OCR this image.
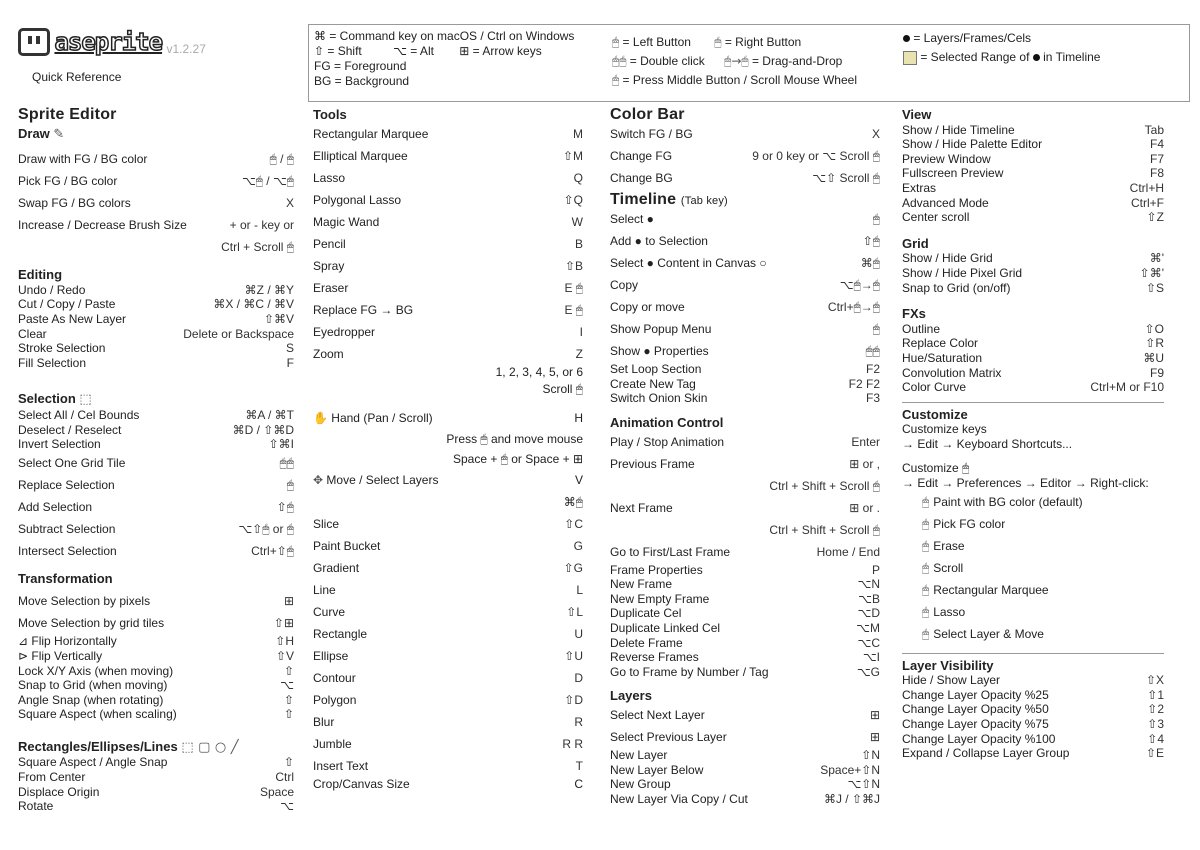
aseprite v1.2.27
Quick Reference
⌘ = Command key on macOS / Ctrl on Windows
⇧ = Shift	⌥ = Alt ⊞ = Arrow keys
FG = Foreground
BG = Background
🖱 = Left Button 🖱 = Right Button
🖱🖱 = Double click 🖱→🖱 = Drag-and-Drop
🖱 = Press Middle Button / Scroll Mouse Wheel
= Layers/Frames/Cels
= Selected Range of in Timeline
Sprite Editor
Draw ✎
Draw with FG / BG color	🖱 / 🖱
Pick FG / BG color	⌥🖱 / ⌥🖱
Swap FG / BG colors	X
Increase / Decrease Brush Size	+ or - key or
Ctrl + Scroll 🖱
Editing
Undo / Redo	⌘Z / ⌘Y
Cut / Copy / Paste	⌘X / ⌘C / ⌘V
Paste As New Layer	⇧⌘V
Clear	Delete or Backspace
Stroke Selection	S
Fill Selection	F
Selection ⬚
Select All / Cel Bounds	⌘A / ⌘T
Deselect / Reselect	⌘D / ⇧⌘D
Invert Selection	⇧⌘I
Select One Grid Tile	🖱🖱
Replace Selection	🖱
Add Selection	⇧🖱
Subtract Selection	⌥⇧🖱 or 🖱
Intersect Selection	Ctrl+⇧🖱
Transformation
Move Selection by pixels	⊞
Move Selection by grid tiles	⇧⊞
⊿ Flip Horizontally	⇧H
⊳ Flip Vertically	⇧V
Lock X/Y Axis (when moving)	⇧
Snap to Grid (when moving)	⌥
Angle Snap (when rotating)	⇧
Square Aspect (when scaling)	⇧
Rectangles/Ellipses/Lines ⬚ ▢ ○ ╱
Square Aspect / Angle Snap	⇧
From Center	Ctrl
Displace Origin	Space
Rotate	⌥
Tools
Rectangular Marquee	M
Elliptical Marquee	⇧M
Lasso	Q
Polygonal Lasso	⇧Q
Magic Wand	W
Pencil	B
Spray	⇧B
Eraser	E 🖱
Replace FG → BG	E 🖱
Eyedropper	I
Zoom	Z
1, 2, 3, 4, 5, or 6
Scroll 🖱
✋ Hand (Pan / Scroll)	H
Press 🖱 and move mouse
Space + 🖱 or Space + ⊞
✥ Move / Select Layers	V
⌘🖱
Slice	⇧C
Paint Bucket	G
Gradient	⇧G
Line	L
Curve	⇧L
Rectangle	U
Ellipse	⇧U
Contour	D
Polygon	⇧D
Blur	R
Jumble	R R
Insert Text	T
Crop/Canvas Size	C
Color Bar
Switch FG / BG	X
Change FG	9 or 0 key or ⌥ Scroll 🖱
Change BG	⌥⇧ Scroll 🖱
Timeline (Tab key)
Select ●	🖱
Add ● to Selection	⇧🖱
Select ● Content in Canvas ○	⌘🖱
Copy	⌥🖱→🖱
Copy or move	Ctrl+🖱→🖱
Show Popup Menu	🖱
Show ● Properties	🖱🖱
Set Loop Section	F2
Create New Tag	F2 F2
Switch Onion Skin	F3
Animation Control
Play / Stop Animation	Enter
Previous Frame	⊞ or ,
Ctrl + Shift + Scroll 🖱
Next Frame	⊞ or .
Ctrl + Shift + Scroll 🖱
Go to First/Last Frame	Home / End
Frame Properties	P
New Frame	⌥N
New Empty Frame	⌥B
Duplicate Cel	⌥D
Duplicate Linked Cel	⌥M
Delete Frame	⌥C
Reverse Frames	⌥I
Go to Frame by Number / Tag	⌥G
Layers
Select Next Layer	⊞
Select Previous Layer	⊞
New Layer	⇧N
New Layer Below	Space+⇧N
New Group	⌥⇧N
New Layer Via Copy / Cut	⌘J / ⇧⌘J
View
Show / Hide Timeline	Tab
Show / Hide Palette Editor	F4
Preview Window	F7
Fullscreen Preview	F8
Extras	Ctrl+H
Advanced Mode	Ctrl+F
Center scroll	⇧Z
Grid
Show / Hide Grid	⌘'
Show / Hide Pixel Grid	⇧⌘'
Snap to Grid (on/off)	⇧S
FXs
Outline	⇧O
Replace Color	⇧R
Hue/Saturation	⌘U
Convolution Matrix	F9
Color Curve	Ctrl+M or F10
Customize
Customize keys
→ Edit → Keyboard Shortcuts...
Customize 🖱
→ Edit → Preferences → Editor → Right-click:
🖱 Paint with BG color (default)
🖱 Pick FG color
🖱 Erase
🖱 Scroll
🖱 Rectangular Marquee
🖱 Lasso
🖱 Select Layer & Move
Layer Visibility
Hide / Show Layer	⇧X
Change Layer Opacity %25	⇧1
Change Layer Opacity %50	⇧2
Change Layer Opacity %75	⇧3
Change Layer Opacity %100	⇧4
Expand / Collapse Layer Group	⇧E
